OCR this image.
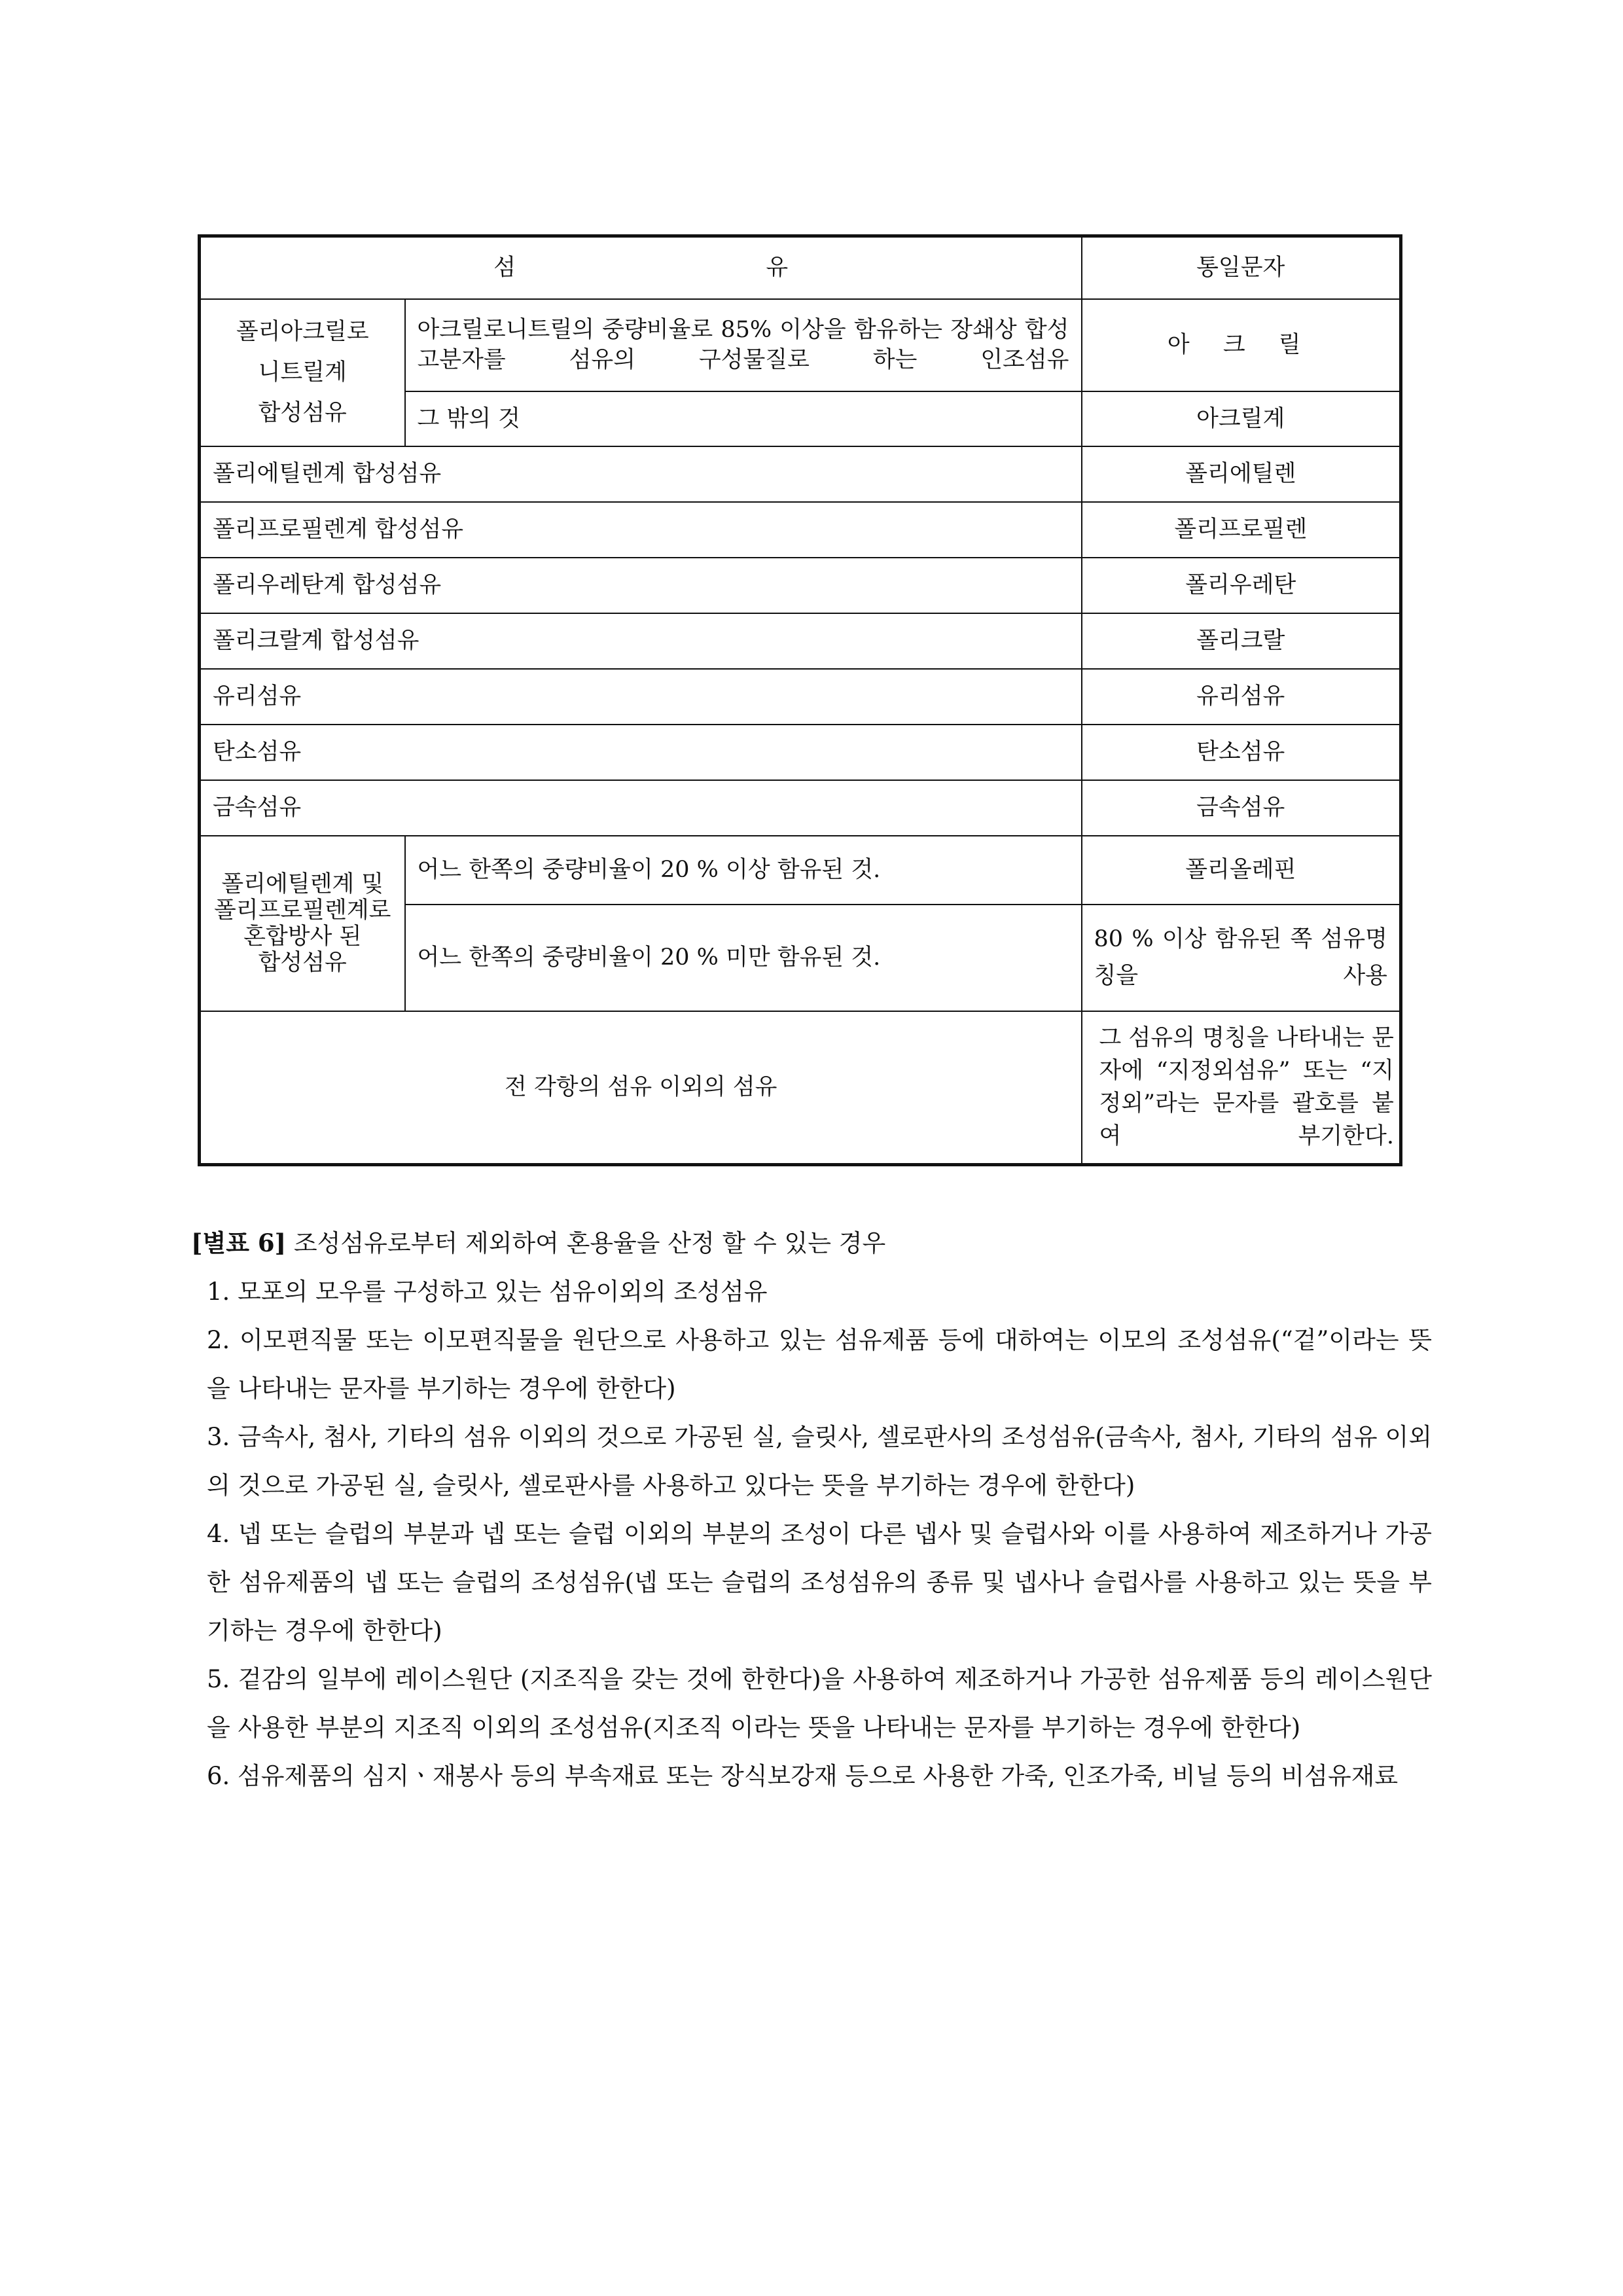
섬 유		통일문자
폴리아크릴로
니트릴계
합성섬유	아크릴로니트릴의 중량비율로 85% 이상을 함유하는 장쇄상 합성고분자를 섬유의 구성물질로 하는 인조섬유	아 크 릴
	그 밖의 것	아크릴계
폴리에틸렌계 합성섬유		폴리에틸렌
폴리프로필렌계 합성섬유		폴리프로필렌
폴리우레탄계 합성섬유		폴리우레탄
폴리크랄계 합성섬유		폴리크랄
유리섬유		유리섬유
탄소섬유		탄소섬유
금속섬유		금속섬유
폴리에틸렌계 및
폴리프로필렌계로
혼합방사 된
합성섬유	어느 한쪽의 중량비율이 20 % 이상 함유된 것.	폴리올레핀
	어느 한쪽의 중량비율이 20 % 미만 함유된 것.	80 % 이상 함유된 쪽 섬유명칭을 사용
전 각항의 섬유 이외의 섬유		그 섬유의 명칭을 나타내는 문자에 “지정외섬유” 또는 “지정외”라는 문자를 괄호를 붙여 부기한다.

[별표 6] 조성섬유로부터 제외하여 혼용율을 산정 할 수 있는 경우

1. 모포의 모우를 구성하고 있는 섬유이외의 조성섬유

2. 이모편직물 또는 이모편직물을 원단으로 사용하고 있는 섬유제품 등에 대하여는 이모의 조성섬유(“겉”이라는 뜻을 나타내는 문자를 부기하는 경우에 한한다)

3. 금속사, 첨사, 기타의 섬유 이외의 것으로 가공된 실, 슬릿사, 셀로판사의 조성섬유(금속사, 첨사, 기타의 섬유 이외의 것으로 가공된 실, 슬릿사, 셀로판사를 사용하고 있다는 뜻을 부기하는 경우에 한한다)

4. 넵 또는 슬럽의 부분과 넵 또는 슬럽 이외의 부분의 조성이 다른 넵사 및 슬럽사와 이를 사용하여 제조하거나 가공한 섬유제품의 넵 또는 슬럽의 조성섬유(넵 또는 슬럽의 조성섬유의 종류 및 넵사나 슬럽사를 사용하고 있는 뜻을 부기하는 경우에 한한다)

5. 겉감의 일부에 레이스원단 (지조직을 갖는 것에 한한다)을 사용하여 제조하거나 가공한 섬유제품 등의 레이스원단을 사용한 부분의 지조직 이외의 조성섬유(지조직 이라는 뜻을 나타내는 문자를 부기하는 경우에 한한다)

6. 섬유제품의 심지ㆍ재봉사 등의 부속재료 또는 장식보강재 등으로 사용한 가죽, 인조가죽, 비닐 등의 비섬유재료
